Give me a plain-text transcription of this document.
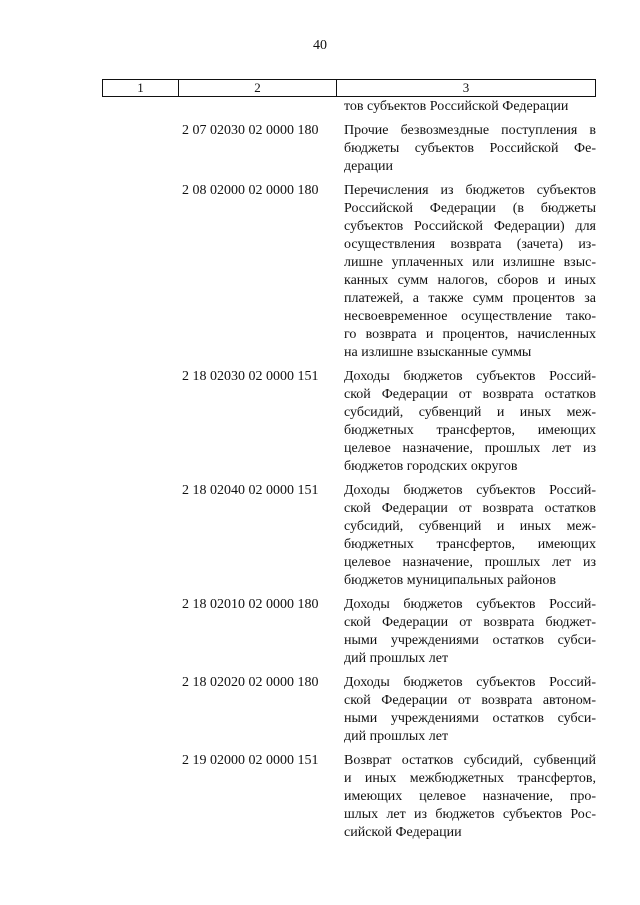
40
1	2	3
тов субъектов Российской Федерации
2 07 02030 02 0000 180	Прочие безвозмездные поступления в
бюджеты субъектов Российской Фе-
дерации
2 08 02000 02 0000 180	Перечисления из бюджетов субъектов
Российской Федерации (в бюджеты
субъектов Российской Федерации) для
осуществления возврата (зачета) из-
лишне уплаченных или излишне взыс-
канных сумм налогов, сборов и иных
платежей, а также сумм процентов за
несвоевременное осуществление тако-
го возврата и процентов, начисленных
на излишне взысканные суммы
2 18 02030 02 0000 151	Доходы бюджетов субъектов Россий-
ской Федерации от возврата остатков
субсидий, субвенций и иных меж-
бюджетных трансфертов, имеющих
целевое назначение, прошлых лет из
бюджетов городских округов
2 18 02040 02 0000 151	Доходы бюджетов субъектов Россий-
ской Федерации от возврата остатков
субсидий, субвенций и иных меж-
бюджетных трансфертов, имеющих
целевое назначение, прошлых лет из
бюджетов муниципальных районов
2 18 02010 02 0000 180	Доходы бюджетов субъектов Россий-
ской Федерации от возврата бюджет-
ными учреждениями остатков субси-
дий прошлых лет
2 18 02020 02 0000 180	Доходы бюджетов субъектов Россий-
ской Федерации от возврата автоном-
ными учреждениями остатков субси-
дий прошлых лет
2 19 02000 02 0000 151	Возврат остатков субсидий, субвенций
и иных межбюджетных трансфертов,
имеющих целевое назначение, про-
шлых лет из бюджетов субъектов Рос-
сийской Федерации
